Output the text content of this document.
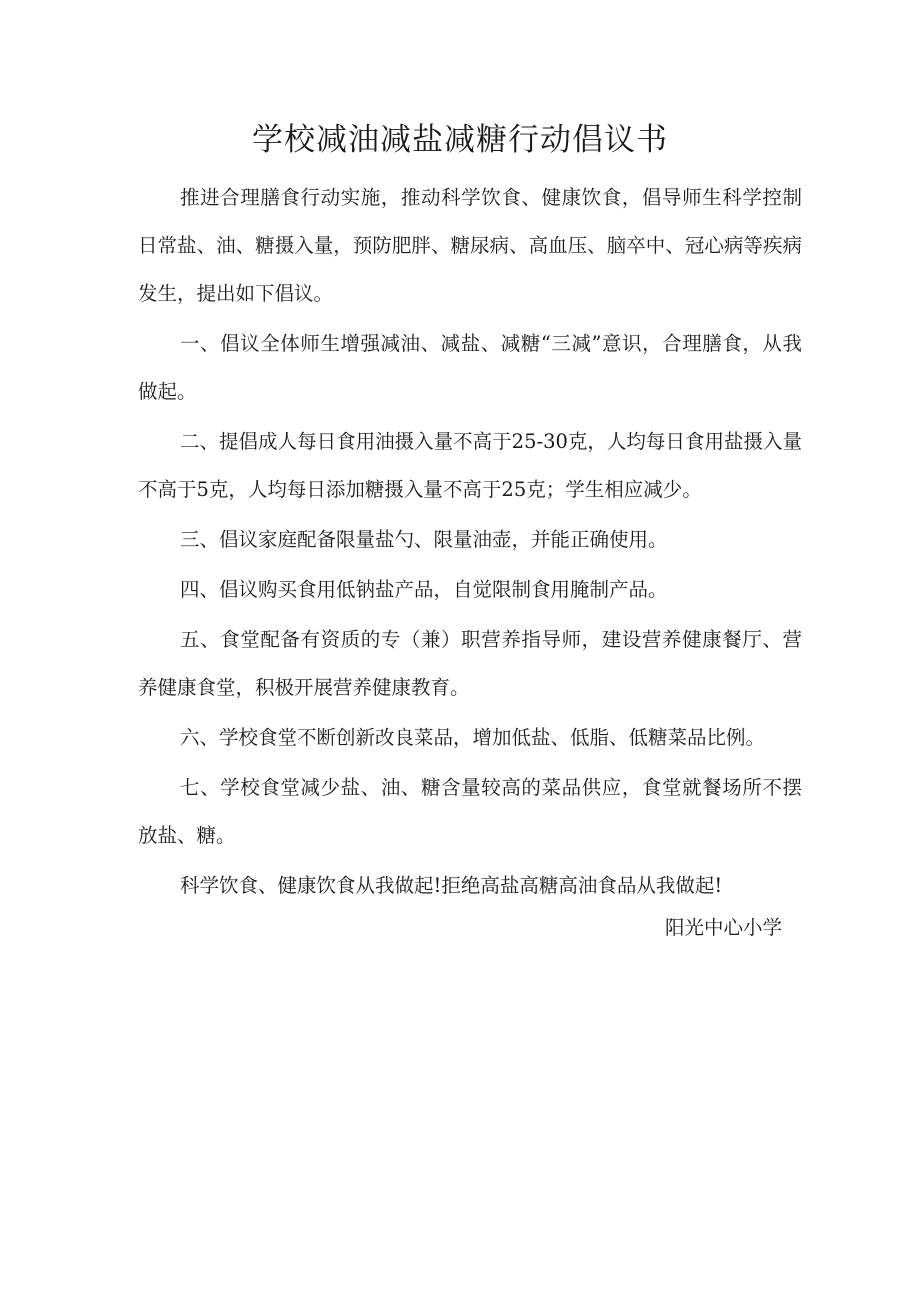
学校减油减盐减糖行动倡议书

推进合理膳食行动实施，推动科学饮食、健康饮食，倡导师生科学控制日常盐、油、糖摄入量，预防肥胖、糖尿病、高血压、脑卒中、冠心病等疾病发生，提出如下倡议。

一、倡议全体师生增强减油、减盐、减糖“三减”意识，合理膳食，从我做起。

二、提倡成人每日食用油摄入量不高于25-30克，人均每日食用盐摄入量不高于5克，人均每日添加糖摄入量不高于25克；学生相应减少。

三、倡议家庭配备限量盐勺、限量油壶，并能正确使用。

四、倡议购买食用低钠盐产品，自觉限制食用腌制产品。

五、食堂配备有资质的专（兼）职营养指导师，建设营养健康餐厅、营养健康食堂，积极开展营养健康教育。

六、学校食堂不断创新改良菜品，增加低盐、低脂、低糖菜品比例。

七、学校食堂减少盐、油、糖含量较高的菜品供应，食堂就餐场所不摆放盐、糖。

科学饮食、健康饮食从我做起!拒绝高盐高糖高油食品从我做起!

阳光中心小学
